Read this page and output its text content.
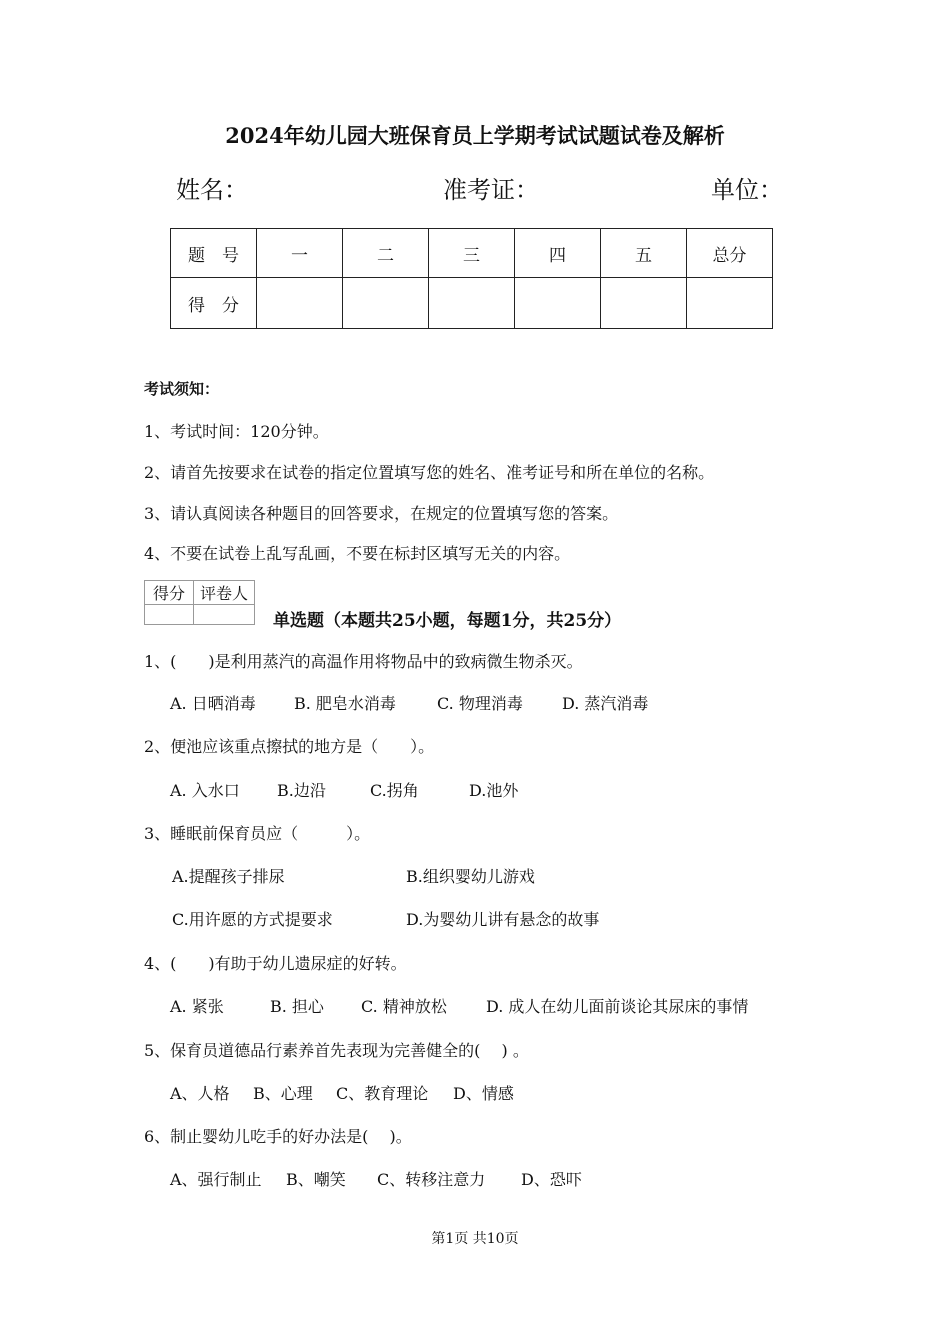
2024年幼儿园大班保育员上学期考试试题试卷及解析
姓名：	准考证：	单位：
题　号	一	二	三	四	五	总分
得　分						
考试须知：
1、考试时间：120分钟。
2、请首先按要求在试卷的指定位置填写您的姓名、准考证号和所在单位的名称。
3、请认真阅读各种题目的回答要求，在规定的位置填写您的答案。
4、不要在试卷上乱写乱画，不要在标封区填写无关的内容。
得分	评卷人

单选题（本题共25小题，每题1分，共25分）
1、(　　)是利用蒸汽的高温作用将物品中的致病微生物杀灭。
A. 日晒消毒 B. 肥皂水消毒	C. 物理消毒 D. 蒸汽消毒
2、便池应该重点擦拭的地方是（　　）。
A. 入水口 B.边沿	C.拐角	D.池外
3、睡眠前保育员应（　　　）。
A.提醒孩子排尿	B.组织婴幼儿游戏
C.用许愿的方式提要求	D.为婴幼儿讲有悬念的故事
4、(　　)有助于幼儿遗尿症的好转。
A. 紧张	B. 担心 C. 精神放松 D. 成人在幼儿面前谈论其尿床的事情
5、保育员道德品行素养首先表现为完善健全的(　 ) 。
A、人格 B、心理 C、教育理论 D、情感
6、制止婴幼儿吃手的好办法是(　 )。
A、强行制止 B、嘲笑 C、转移注意力 D、恐吓
第1页 共10页
